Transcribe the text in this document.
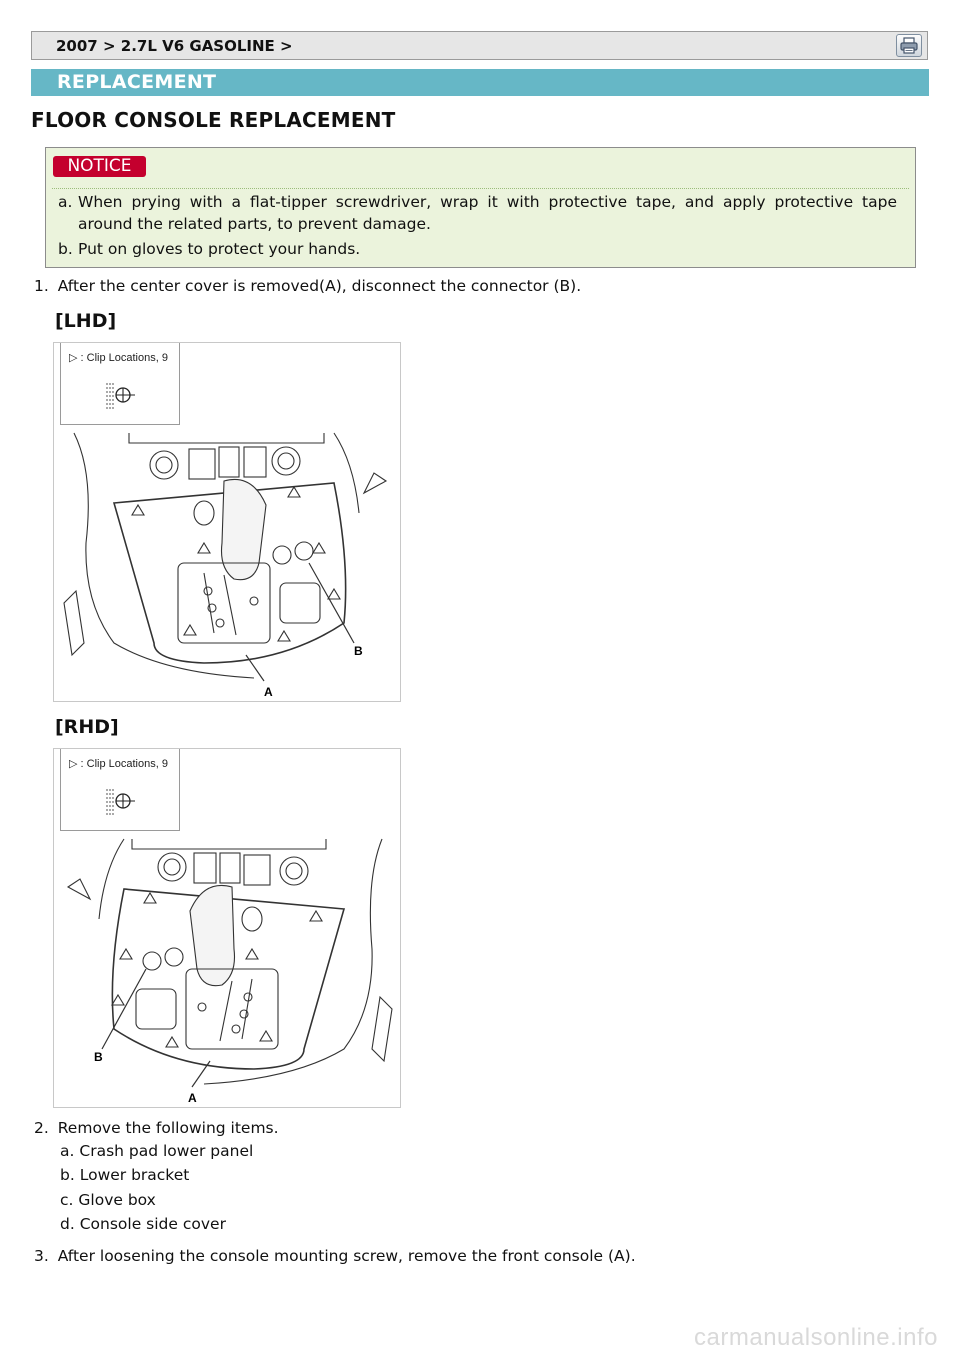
2007 > 2.7L V6 GASOLINE >
REPLACEMENT
FLOOR CONSOLE REPLACEMENT
NOTICE
a. When prying with a flat-tipper screwdriver, wrap it with protective tape, and apply protective tape around the related parts, to prevent damage.
b. Put on gloves to protect your hands.
1. After the center cover is removed(A), disconnect the connector (B).
[LHD]
▷ : Clip Locations, 9
B
A
[RHD]
▷ : Clip Locations, 9
B
A
2. Remove the following items.
a. Crash pad lower panel
b. Lower bracket
c. Glove box
d. Console side cover
3. After loosening the console mounting screw, remove the front console (A).
carmanualsonline.info
